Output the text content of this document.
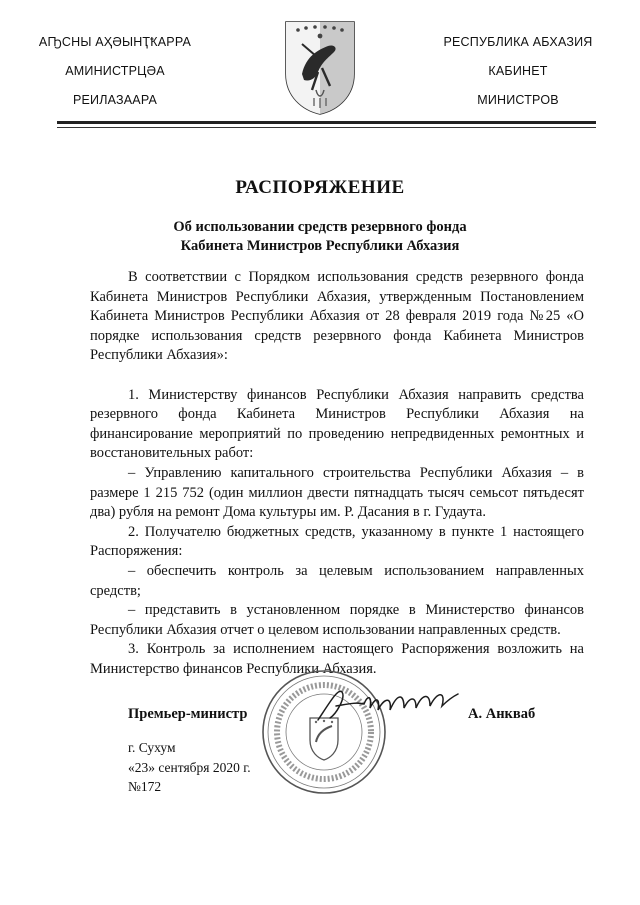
АҦСНЫ АҲӘЫНҬҞАРРА
АМИНИСТРЦӘА
РЕИЛАЗААРА
РЕСПУБЛИКА АБХАЗИЯ
КАБИНЕТ
МИНИСТРОВ
РАСПОРЯЖЕНИЕ
Об использовании средств резервного фонда
Кабинета Министров Республики Абхазия

В соответствии с Порядком использования средств резервного фонда Кабинета Министров Республики Абхазия, утвержденным Постановлением Кабинета Министров Республики Абхазия от 28 февраля 2019 года №25 «О порядке использования средств резервного фонда Кабинета Министров Республики Абхазия»:

1. Министерству финансов Республики Абхазия направить средства резервного фонда Кабинета Министров Республики Абхазия на финансирование мероприятий по проведению непредвиденных ремонтных и восстановительных работ:

– Управлению капитального строительства Республики Абхазия – в размере 1 215 752 (один миллион двести пятнадцать тысяч семьсот пятьдесят два) рубля на ремонт Дома культуры им. Р. Дасания в г. Гудаута.

2. Получателю бюджетных средств, указанному в пункте 1 настоящего Распоряжения:

– обеспечить контроль за целевым использованием направленных средств;

– представить в установленном порядке в Министерство финансов Республики Абхазия отчет о целевом использовании направленных средств.

3. Контроль за исполнением настоящего Распоряжения возложить на Министерство финансов Республики Абхазия.

Премьер-министр	А. Анкваб
г. Сухум
«23» сентября 2020 г.
№172
